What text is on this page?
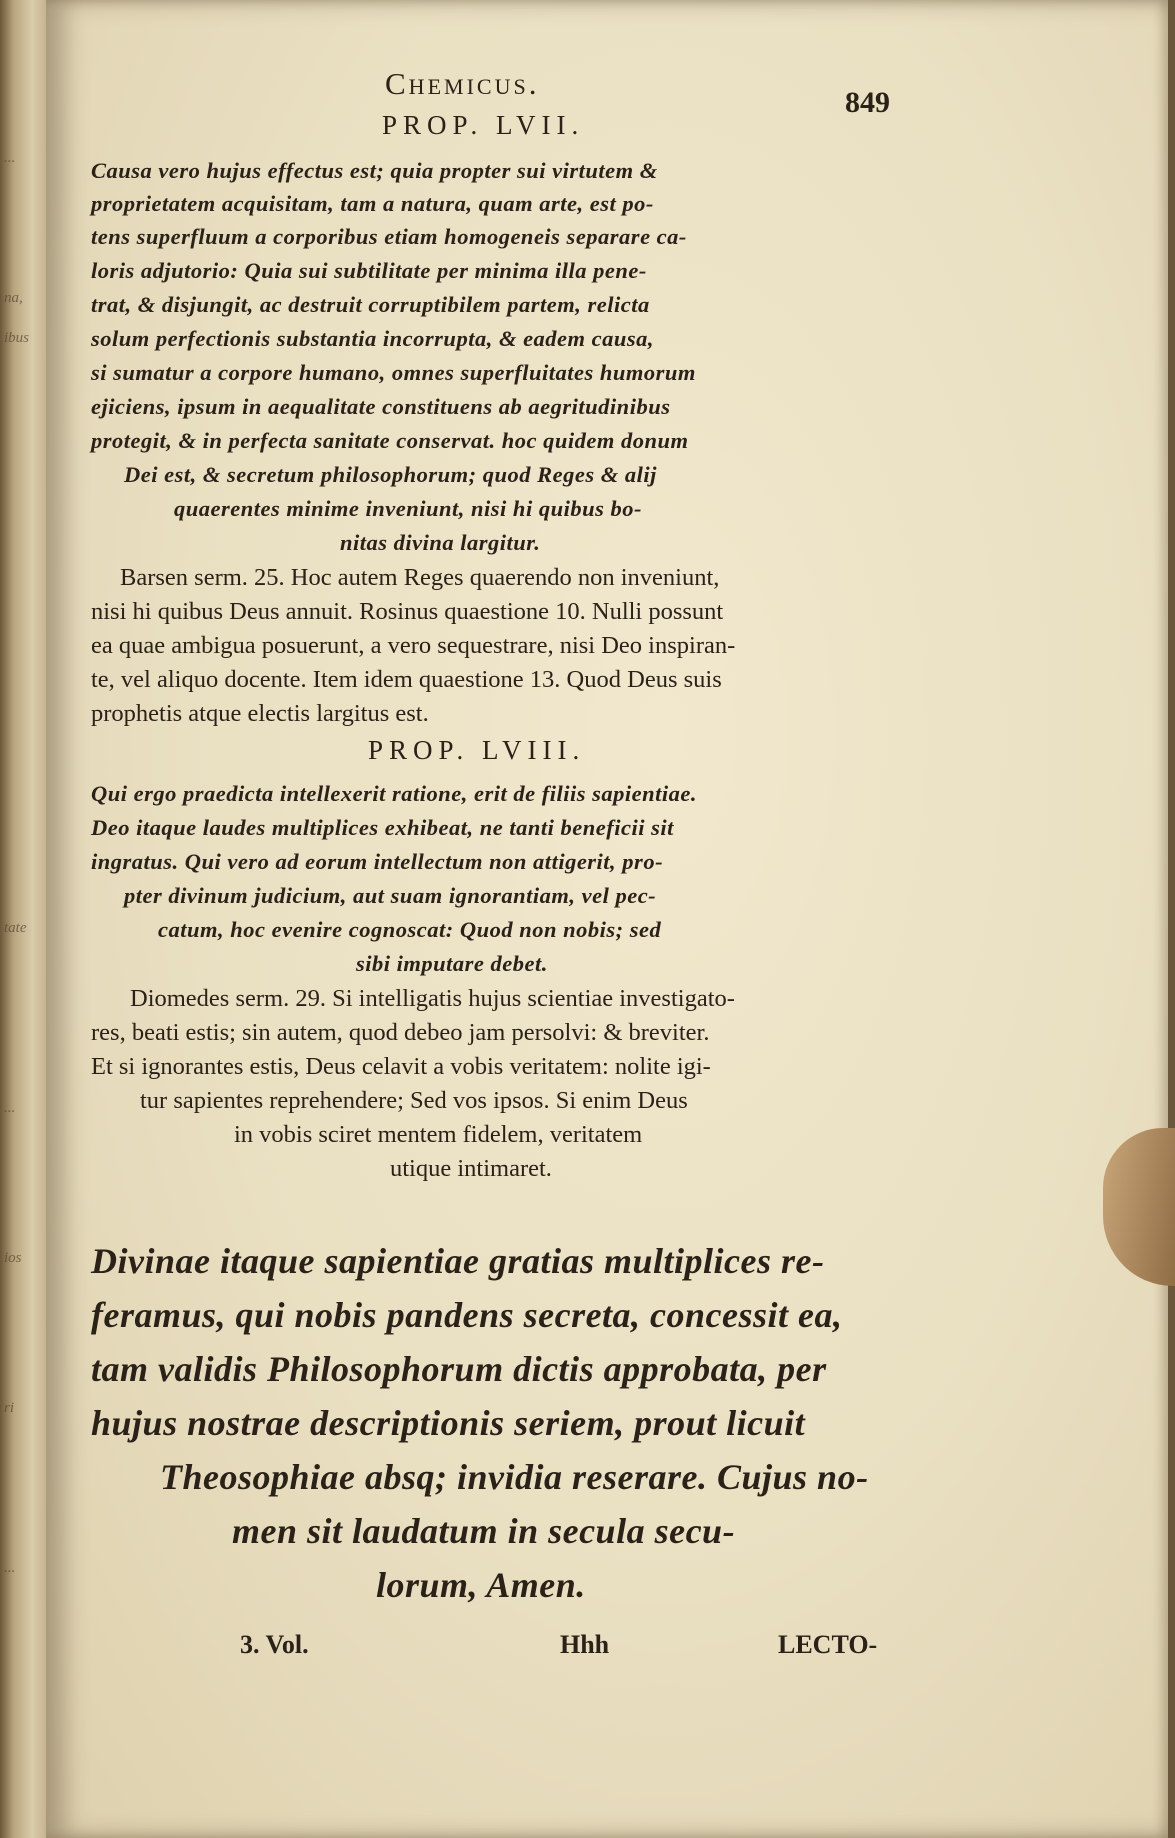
...
na,
ibus
tate
...
ios
ri
...
Chemicus.
849
PROP. LVII.
Causa vero hujus effectus est; quia propter sui virtutem &
proprietatem acquisitam, tam a natura, quam arte, est po-
tens superfluum a corporibus etiam homogeneis separare ca-
loris adjutorio: Quia sui subtilitate per minima illa pene-
trat, & disjungit, ac destruit corruptibilem partem, relicta
solum perfectionis substantia incorrupta, & eadem causa,
si sumatur a corpore humano, omnes superfluitates humorum
ejiciens, ipsum in aequalitate constituens ab aegritudinibus
protegit, & in perfecta sanitate conservat. hoc quidem donum
Dei est, & secretum philosophorum; quod Reges & alij
quaerentes minime inveniunt, nisi hi quibus bo-
nitas divina largitur.
Barsen serm. 25. Hoc autem Reges quaerendo non inveniunt,
nisi hi quibus Deus annuit. Rosinus quaestione 10. Nulli possunt
ea quae ambigua posuerunt, a vero sequestrare, nisi Deo inspiran-
te, vel aliquo docente. Item idem quaestione 13. Quod Deus suis
prophetis atque electis largitus est.
PROP. LVIII.
Qui ergo praedicta intellexerit ratione, erit de filiis sapientiae.
Deo itaque laudes multiplices exhibeat, ne tanti beneficii sit
ingratus. Qui vero ad eorum intellectum non attigerit, pro-
pter divinum judicium, aut suam ignorantiam, vel pec-
catum, hoc evenire cognoscat: Quod non nobis; sed
sibi imputare debet.
Diomedes serm. 29. Si intelligatis hujus scientiae investigato-
res, beati estis; sin autem, quod debeo jam persolvi: & breviter.
Et si ignorantes estis, Deus celavit a vobis veritatem: nolite igi-
tur sapientes reprehendere; Sed vos ipsos. Si enim Deus
in vobis sciret mentem fidelem, veritatem
utique intimaret.
Divinae itaque sapientiae gratias multiplices re-
feramus, qui nobis pandens secreta, concessit ea,
tam validis Philosophorum dictis approbata, per
hujus nostrae descriptionis seriem, prout licuit
Theosophiae absq; invidia reserare. Cujus no-
men sit laudatum in secula secu-
lorum, Amen.
3. Vol.	Hhh	LECTO-
